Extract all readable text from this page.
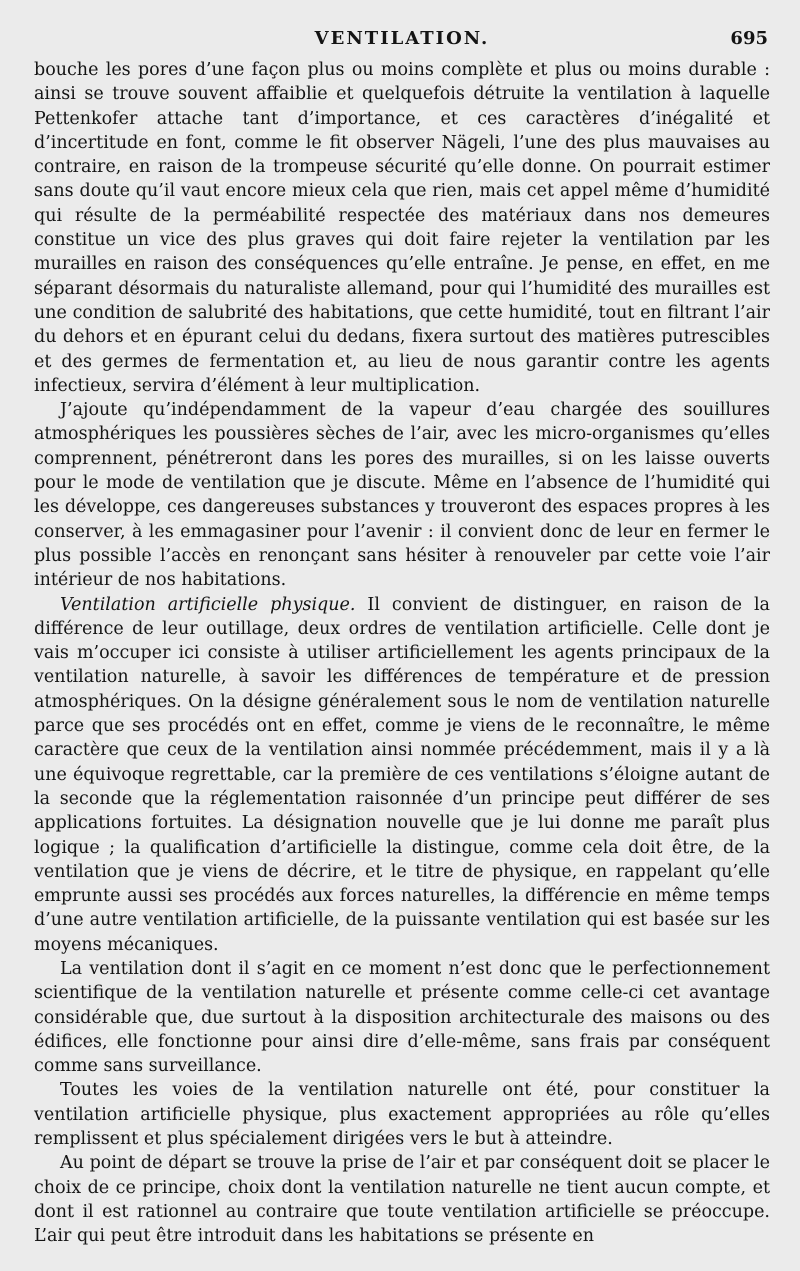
VENTILATION.	695

bouche les pores d’une façon plus ou moins complète et plus ou moins durable : ainsi se trouve souvent affaiblie et quelquefois détruite la ventilation à laquelle Pettenkofer attache tant d’importance, et ces caractères d’inégalité et d’incertitude en font, comme le fit observer Nägeli, l’une des plus mauvaises au contraire, en raison de la trompeuse sécurité qu’elle donne. On pourrait estimer sans doute qu’il vaut encore mieux cela que rien, mais cet appel même d’humidité qui résulte de la perméabilité respectée des matériaux dans nos demeures constitue un vice des plus graves qui doit faire rejeter la ventilation par les murailles en raison des conséquences qu’elle entraîne. Je pense, en effet, en me séparant désormais du naturaliste allemand, pour qui l’humidité des murailles est une condition de salubrité des habitations, que cette humidité, tout en filtrant l’air du dehors et en épurant celui du dedans, fixera surtout des matières putrescibles et des germes de fermentation et, au lieu de nous garantir contre les agents infectieux, servira d’élément à leur multiplication.

J’ajoute qu’indépendamment de la vapeur d’eau chargée des souillures atmosphériques les poussières sèches de l’air, avec les micro-organismes qu’elles comprennent, pénétreront dans les pores des murailles, si on les laisse ouverts pour le mode de ventilation que je discute. Même en l’absence de l’humidité qui les développe, ces dangereuses substances y trouveront des espaces propres à les conserver, à les emmagasiner pour l’avenir : il convient donc de leur en fermer le plus possible l’accès en renonçant sans hésiter à renouveler par cette voie l’air intérieur de nos habitations.

Ventilation artificielle physique. Il convient de distinguer, en raison de la différence de leur outillage, deux ordres de ventilation artificielle. Celle dont je vais m’occuper ici consiste à utiliser artificiellement les agents principaux de la ventilation naturelle, à savoir les différences de température et de pression atmosphériques. On la désigne généralement sous le nom de ventilation naturelle parce que ses procédés ont en effet, comme je viens de le reconnaître, le même caractère que ceux de la ventilation ainsi nommée précédemment, mais il y a là une équivoque regrettable, car la première de ces ventilations s’éloigne autant de la seconde que la réglementation raisonnée d’un principe peut différer de ses applications fortuites. La désignation nouvelle que je lui donne me paraît plus logique ; la qualification d’artificielle la distingue, comme cela doit être, de la ventilation que je viens de décrire, et le titre de physique, en rappelant qu’elle emprunte aussi ses procédés aux forces naturelles, la différencie en même temps d’une autre ventilation artificielle, de la puissante ventilation qui est basée sur les moyens mécaniques.

La ventilation dont il s’agit en ce moment n’est donc que le perfectionnement scientifique de la ventilation naturelle et présente comme celle-ci cet avantage considérable que, due surtout à la disposition architecturale des maisons ou des édifices, elle fonctionne pour ainsi dire d’elle-même, sans frais par conséquent comme sans surveillance.

Toutes les voies de la ventilation naturelle ont été, pour constituer la ventilation artificielle physique, plus exactement appropriées au rôle qu’elles remplissent et plus spécialement dirigées vers le but à atteindre.

Au point de départ se trouve la prise de l’air et par conséquent doit se placer le choix de ce principe, choix dont la ventilation naturelle ne tient aucun compte, et dont il est rationnel au contraire que toute ventilation artificielle se préoccupe. L’air qui peut être introduit dans les habitations se présente en
